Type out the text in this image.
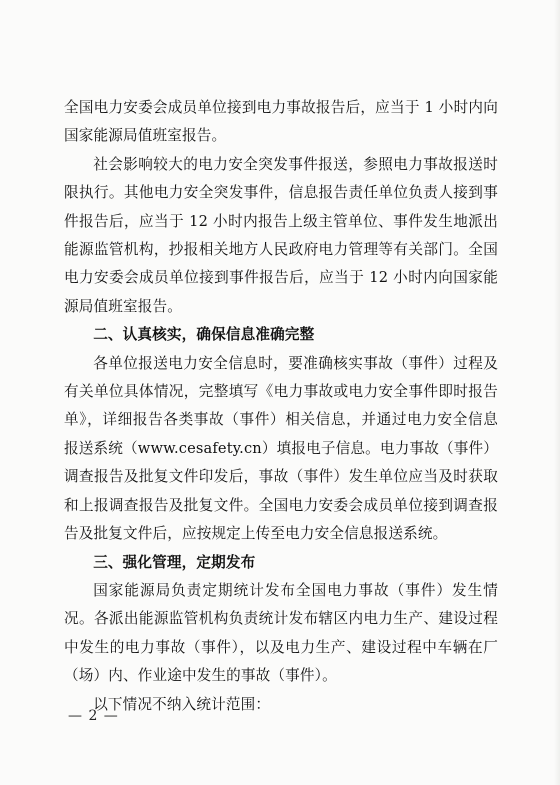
全国电力安委会成员单位接到电力事故报告后，应当于 1 小时内向国家能源局值班室报告。

社会影响较大的电力安全突发事件报送，参照电力事故报送时限执行。其他电力安全突发事件，信息报告责任单位负责人接到事件报告后，应当于 12 小时内报告上级主管单位、事件发生地派出能源监管机构，抄报相关地方人民政府电力管理等有关部门。全国电力安委会成员单位接到事件报告后，应当于 12 小时内向国家能源局值班室报告。

二、认真核实，确保信息准确完整

各单位报送电力安全信息时，要准确核实事故（事件）过程及有关单位具体情况，完整填写《电力事故或电力安全事件即时报告单》，详细报告各类事故（事件）相关信息，并通过电力安全信息报送系统（www.cesafety.cn）填报电子信息。电力事故（事件）调查报告及批复文件印发后，事故（事件）发生单位应当及时获取和上报调查报告及批复文件。全国电力安委会成员单位接到调查报告及批复文件后，应按规定上传至电力安全信息报送系统。

三、强化管理，定期发布

国家能源局负责定期统计发布全国电力事故（事件）发生情况。各派出能源监管机构负责统计发布辖区内电力生产、建设过程中发生的电力事故（事件），以及电力生产、建设过程中车辆在厂（场）内、作业途中发生的事故（事件）。

以下情况不纳入统计范围：

— 2 —
